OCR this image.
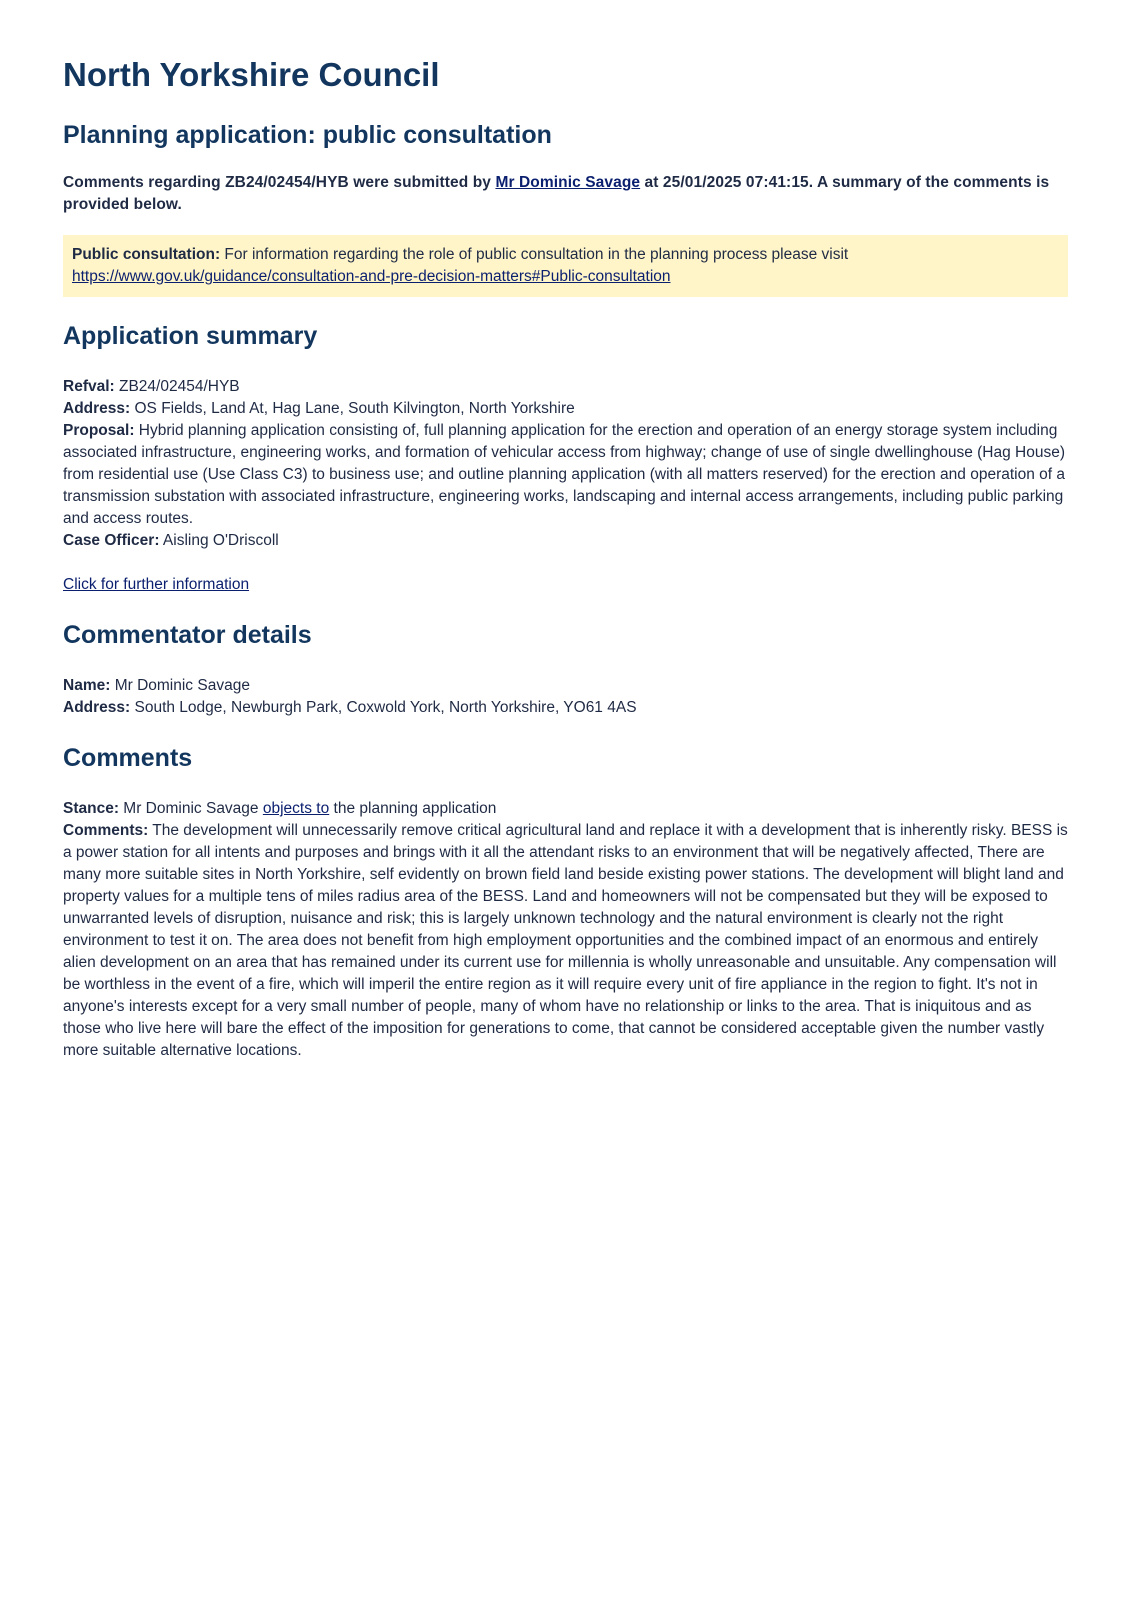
North Yorkshire Council
Planning application: public consultation
Comments regarding ZB24/02454/HYB were submitted by Mr Dominic Savage at 25/01/2025 07:41:15. A summary of the comments is provided below.
Public consultation: For information regarding the role of public consultation in the planning process please visit https://www.gov.uk/guidance/consultation-and-pre-decision-matters#Public-consultation
Application summary
Refval: ZB24/02454/HYB
Address: OS Fields, Land At, Hag Lane, South Kilvington, North Yorkshire
Proposal: Hybrid planning application consisting of, full planning application for the erection and operation of an energy storage system including associated infrastructure, engineering works, and formation of vehicular access from highway; change of use of single dwellinghouse (Hag House) from residential use (Use Class C3) to business use; and outline planning application (with all matters reserved) for the erection and operation of a transmission substation with associated infrastructure, engineering works, landscaping and internal access arrangements, including public parking and access routes.
Case Officer: Aisling O'Driscoll
Click for further information
Commentator details
Name: Mr Dominic Savage
Address: South Lodge, Newburgh Park, Coxwold York, North Yorkshire, YO61 4AS
Comments
Stance: Mr Dominic Savage objects to the planning application
Comments: The development will unnecessarily remove critical agricultural land and replace it with a development that is inherently risky. BESS is a power station for all intents and purposes and brings with it all the attendant risks to an environment that will be negatively affected, There are many more suitable sites in North Yorkshire, self evidently on brown field land beside existing power stations. The development will blight land and property values for a multiple tens of miles radius area of the BESS. Land and homeowners will not be compensated but they will be exposed to unwarranted levels of disruption, nuisance and risk; this is largely unknown technology and the natural environment is clearly not the right environment to test it on. The area does not benefit from high employment opportunities and the combined impact of an enormous and entirely alien development on an area that has remained under its current use for millennia is wholly unreasonable and unsuitable. Any compensation will be worthless in the event of a fire, which will imperil the entire region as it will require every unit of fire appliance in the region to fight. It's not in anyone's interests except for a very small number of people, many of whom have no relationship or links to the area. That is iniquitous and as those who live here will bare the effect of the imposition for generations to come, that cannot be considered acceptable given the number vastly more suitable alternative locations.
